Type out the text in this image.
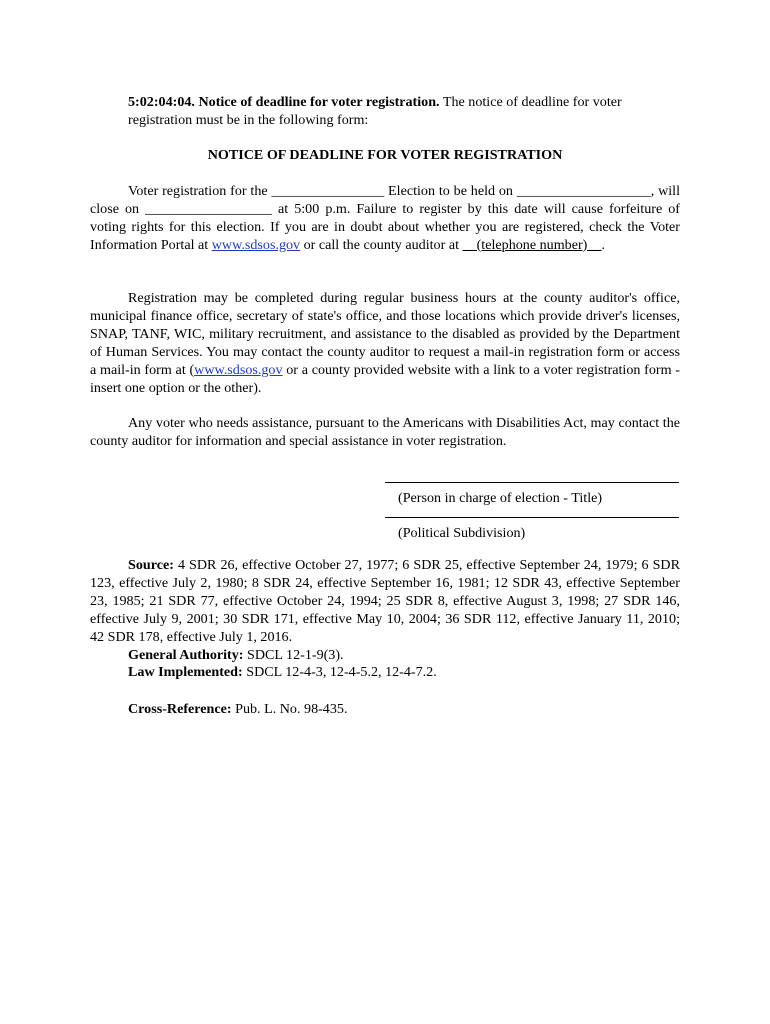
5:02:04:04. Notice of deadline for voter registration. The notice of deadline for voter
registration must be in the following form:

NOTICE OF DEADLINE FOR VOTER REGISTRATION

Voter registration for the ________________ Election to be held on ___________________, will close on __________________ at 5:00 p.m. Failure to register by this date will cause forfeiture of voting rights for this election. If you are in doubt about whether you are registered, check the Voter Information Portal at www.sdsos.gov or call the county auditor at __(telephone number)__.

Registration may be completed during regular business hours at the county auditor's office, municipal finance office, secretary of state's office, and those locations which provide driver's licenses, SNAP, TANF, WIC, military recruitment, and assistance to the disabled as provided by the Department of Human Services. You may contact the county auditor to request a mail-in registration form or access a mail-in form at (www.sdsos.gov or a county provided website with a link to a voter registration form - insert one option or the other).

Any voter who needs assistance, pursuant to the Americans with Disabilities Act, may contact the county auditor for information and special assistance in voter registration.

(Person in charge of election - Title)

(Political Subdivision)

Source: 4 SDR 26, effective October 27, 1977; 6 SDR 25, effective September 24, 1979; 6 SDR 123, effective July 2, 1980; 8 SDR 24, effective September 16, 1981; 12 SDR 43, effective September 23, 1985; 21 SDR 77, effective October 24, 1994; 25 SDR 8, effective August 3, 1998; 27 SDR 146, effective July 9, 2001; 30 SDR 171, effective May 10, 2004; 36 SDR 112, effective January 11, 2010; 42 SDR 178, effective July 1, 2016.

General Authority: SDCL 12-1-9(3).

Law Implemented: SDCL 12-4-3, 12-4-5.2, 12-4-7.2.

Cross-Reference: Pub. L. No. 98-435.
